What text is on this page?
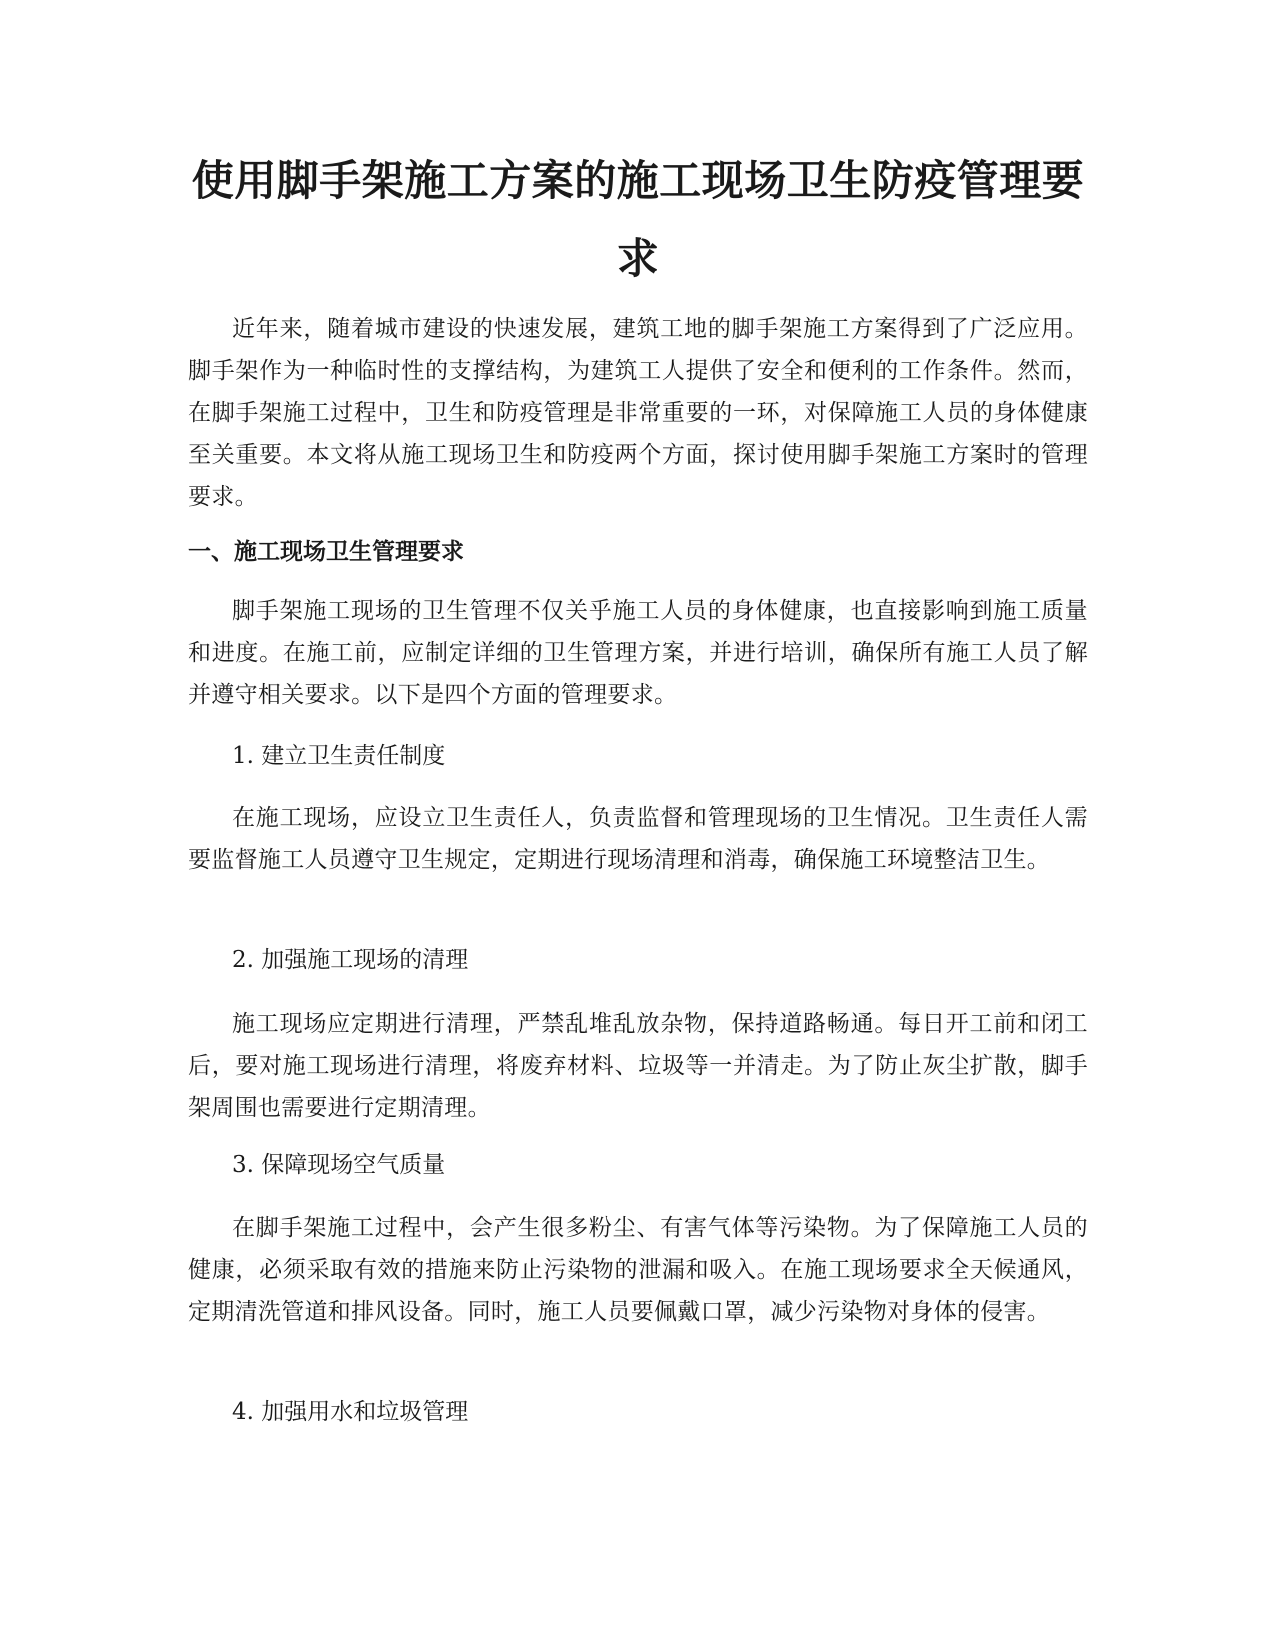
使用脚手架施工方案的施工现场卫生防疫管理要求

近年来，随着城市建设的快速发展，建筑工地的脚手架施工方案得到了广泛应用。脚手架作为一种临时性的支撑结构，为建筑工人提供了安全和便利的工作条件。然而，在脚手架施工过程中，卫生和防疫管理是非常重要的一环，对保障施工人员的身体健康至关重要。本文将从施工现场卫生和防疫两个方面，探讨使用脚手架施工方案时的管理要求。

一、施工现场卫生管理要求

脚手架施工现场的卫生管理不仅关乎施工人员的身体健康，也直接影响到施工质量和进度。在施工前，应制定详细的卫生管理方案，并进行培训，确保所有施工人员了解并遵守相关要求。以下是四个方面的管理要求。

1. 建立卫生责任制度

在施工现场，应设立卫生责任人，负责监督和管理现场的卫生情况。卫生责任人需要监督施工人员遵守卫生规定，定期进行现场清理和消毒，确保施工环境整洁卫生。

2. 加强施工现场的清理

施工现场应定期进行清理，严禁乱堆乱放杂物，保持道路畅通。每日开工前和闭工后，要对施工现场进行清理，将废弃材料、垃圾等一并清走。为了防止灰尘扩散，脚手架周围也需要进行定期清理。

3. 保障现场空气质量

在脚手架施工过程中，会产生很多粉尘、有害气体等污染物。为了保障施工人员的健康，必须采取有效的措施来防止污染物的泄漏和吸入。在施工现场要求全天候通风，定期清洗管道和排风设备。同时，施工人员要佩戴口罩，减少污染物对身体的侵害。

4. 加强用水和垃圾管理
